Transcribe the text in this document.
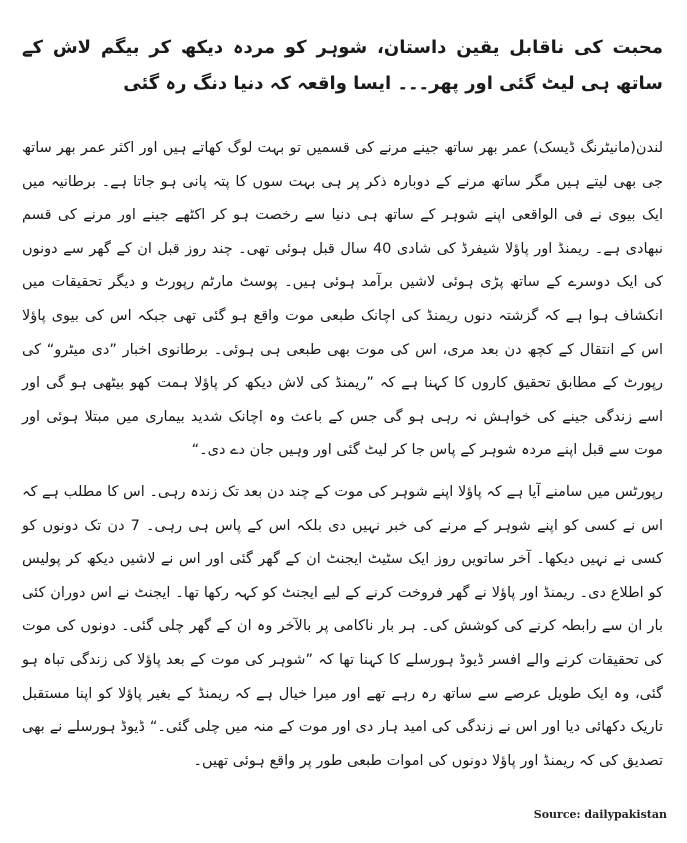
محبت کی ناقابل یقین داستان، شوہر کو مردہ دیکھ کر بیگم لاش کے ساتھ ہی لیٹ گئی اور پھر۔۔۔ ایسا واقعہ کہ دنیا دنگ رہ گئی

لندن(مانیٹرنگ ڈیسک) عمر بھر ساتھ جینے مرنے کی قسمیں تو بہت لوگ کھاتے ہیں اور اکثر عمر بھر ساتھ جی بھی لیتے ہیں مگر ساتھ مرنے کے دوبارہ ذکر پر ہی بہت سوں کا پتہ پانی ہو جاتا ہے۔ برطانیہ میں ایک بیوی نے فی الواقعی اپنے شوہر کے ساتھ ہی دنیا سے رخصت ہو کر اکٹھے جینے اور مرنے کی قسم نبھادی ہے۔ ریمنڈ اور پاؤلا شیفرڈ کی شادی 40 سال قبل ہوئی تھی۔ چند روز قبل ان کے گھر سے دونوں کی ایک دوسرے کے ساتھ پڑی ہوئی لاشیں برآمد ہوئی ہیں۔ پوسٹ مارٹم رپورٹ و دیگر تحقیقات میں انکشاف ہوا ہے کہ گزشتہ دنوں ریمنڈ کی اچانک طبعی موت واقع ہو گئی تھی جبکہ اس کی بیوی پاؤلا اس کے انتقال کے کچھ دن بعد مری، اس کی موت بھی طبعی ہی ہوئی۔ برطانوی اخبار ”دی میٹرو“ کی رپورٹ کے مطابق تحقیق کاروں کا کہنا ہے کہ ”ریمنڈ کی لاش دیکھ کر پاؤلا ہمت کھو بیٹھی ہو گی اور اسے زندگی جینے کی خواہش نہ رہی ہو گی جس کے باعث وہ اچانک شدید بیماری میں مبتلا ہوئی اور موت سے قبل اپنے مردہ شوہر کے پاس جا کر لیٹ گئی اور وہیں جان دے دی۔“

رپورٹس میں سامنے آیا ہے کہ پاؤلا اپنے شوہر کی موت کے چند دن بعد تک زندہ رہی۔ اس کا مطلب ہے کہ اس نے کسی کو اپنے شوہر کے مرنے کی خبر نہیں دی بلکہ اس کے پاس ہی رہی۔ 7 دن تک دونوں کو کسی نے نہیں دیکھا۔ آخر ساتویں روز ایک سٹیٹ ایجنٹ ان کے گھر گئی اور اس نے لاشیں دیکھ کر پولیس کو اطلاع دی۔ ریمنڈ اور پاؤلا نے گھر فروخت کرنے کے لیے ایجنٹ کو کہہ رکھا تھا۔ ایجنٹ نے اس دوران کئی بار ان سے رابطہ کرنے کی کوشش کی۔ ہر بار ناکامی پر بالآخر وہ ان کے گھر چلی گئی۔ دونوں کی موت کی تحقیقات کرنے والے افسر ڈیوڈ ہورسلے کا کہنا تھا کہ ”شوہر کی موت کے بعد پاؤلا کی زندگی تباہ ہو گئی، وہ ایک طویل عرصے سے ساتھ رہ رہے تھے اور میرا خیال ہے کہ ریمنڈ کے بغیر پاؤلا کو اپنا مستقبل تاریک دکھائی دیا اور اس نے زندگی کی امید ہار دی اور موت کے منہ میں چلی گئی۔“ ڈیوڈ ہورسلے نے بھی تصدیق کی کہ ریمنڈ اور پاؤلا دونوں کی اموات طبعی طور پر واقع ہوئی تھیں۔

Source: dailypakistan
